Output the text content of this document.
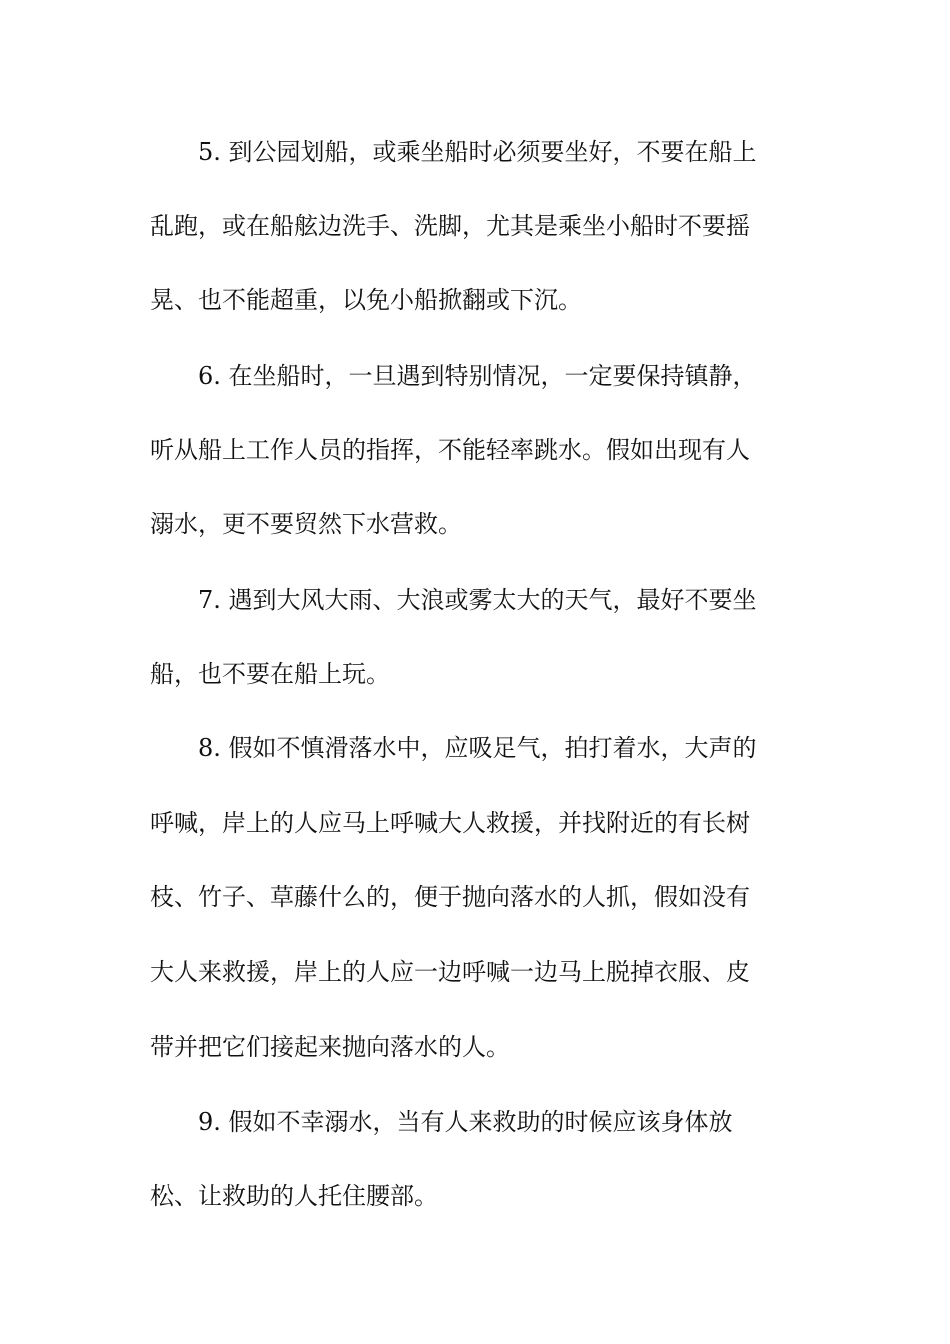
5. 到公园划船，或乘坐船时必须要坐好，不要在船上
乱跑，或在船舷边洗手、洗脚，尤其是乘坐小船时不要摇
晃、也不能超重，以免小船掀翻或下沉。
6. 在坐船时，一旦遇到特别情况，一定要保持镇静，
听从船上工作人员的指挥，不能轻率跳水。假如出现有人
溺水，更不要贸然下水营救。
7. 遇到大风大雨、大浪或雾太大的天气，最好不要坐
船，也不要在船上玩。
8. 假如不慎滑落水中，应吸足气，拍打着水，大声的
呼喊，岸上的人应马上呼喊大人救援，并找附近的有长树
枝、竹子、草藤什么的，便于抛向落水的人抓，假如没有
大人来救援，岸上的人应一边呼喊一边马上脱掉衣服、皮
带并把它们接起来抛向落水的人。
9. 假如不幸溺水，当有人来救助的时候应该身体放
松、让救助的人托住腰部。
